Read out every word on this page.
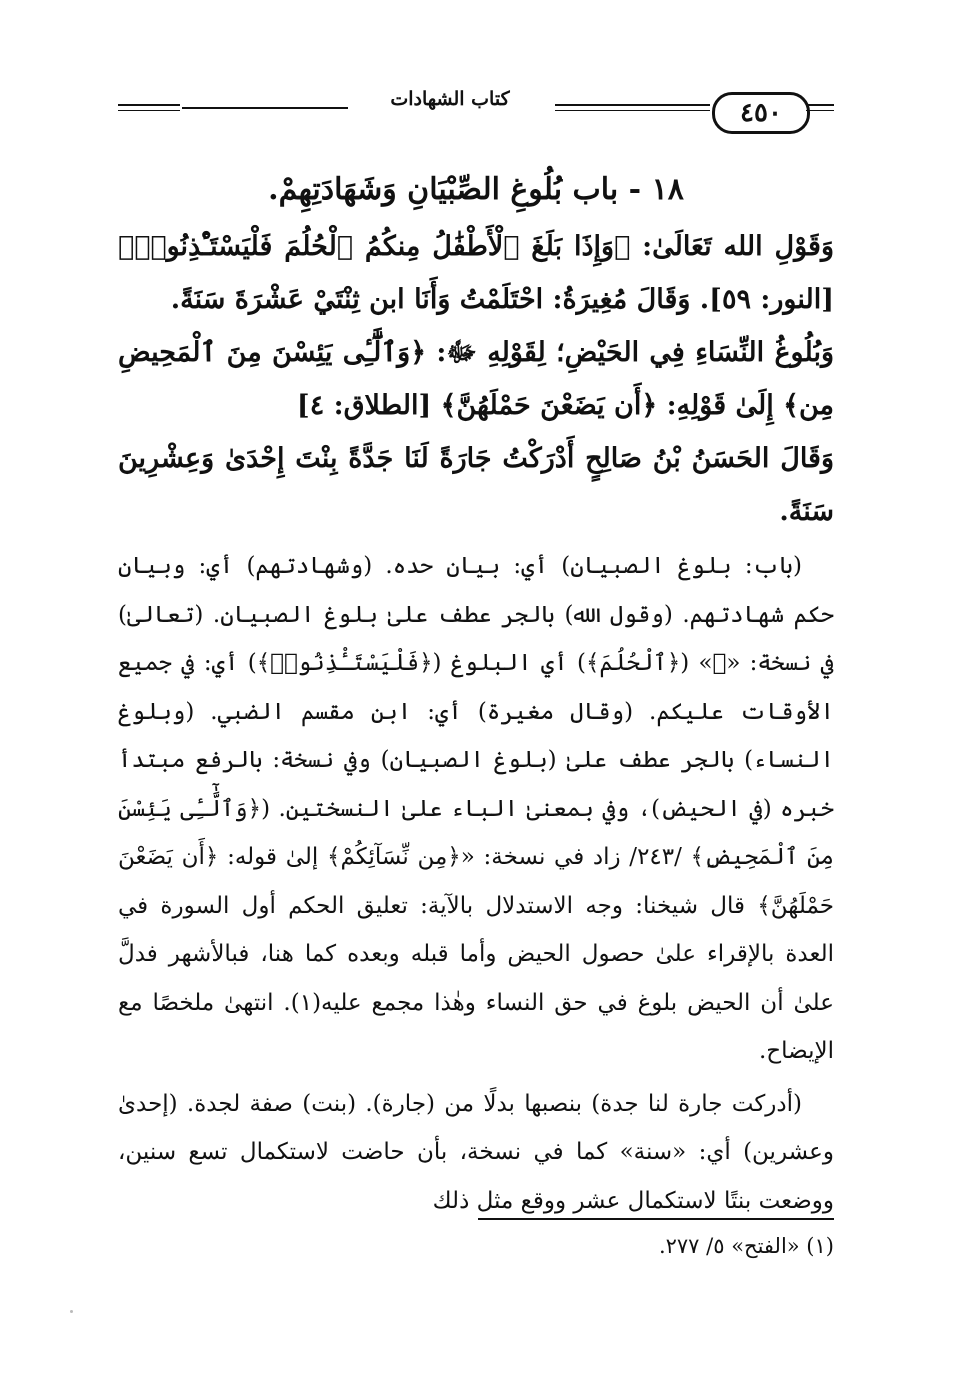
٤٥٠
كتاب الشهادات
١٨ - باب بُلُوغِ الصِّبْيَانِ وَشَهَادَتِهِمْ.

وَقَوْلِ الله تَعَالَىٰ: ﴿وَإِذَا بَلَغَ ٱلْأَطْفَٰلُ مِنكُمُ ٱلْحُلُمَ فَلْيَسْتَـْٔذِنُوا۟﴾ [النور: ٥٩]. وَقَالَ مُغِيرَةُ: احْتَلَمْتُ وَأَنَا ابن ثِنْتَيْ عَشْرَةَ سَنَةً.

وَبُلُوغُ النِّسَاءِ فِي الحَيْضِ؛ لِقَوْلِهِ ﷻ: ﴿وَٱلَّٰٓـِٔى يَئِسْنَ مِنَ ٱلْمَحِيضِ مِن﴾ إِلَىٰ قَوْلِهِ: ﴿أَن يَضَعْنَ حَمْلَهُنَّ﴾ [الطلاق: ٤]

وَقَالَ الحَسَنُ بْنُ صَالِحٍ أَدْرَكْتُ جَارَةً لَنَا جَدَّةً بِنْتَ إِحْدَىٰ وَعِشْرِينَ سَنَةً.

(باب: بلوغ الصبيان) أي: بيان حده. (وشهادتهم) أي: وبيان حكم شهادتهم. (وقول الله) بالجر عطف علىٰ بلوغ الصبيان. (تعالىٰ) في نسخة: «ﷻ» (﴿ٱلْحُلُمَ﴾) أي البلوغ (﴿فَلْيَسْتَـْٔذِنُوا۟﴾) أي: في جميع الأوقات عليكم. (وقال مغيرة) أي: ابن مقسم الضبي. (وبلوغ النساء) بالجر عطف علىٰ (بلوغ الصبيان) وفي نسخة: بالرفع مبتدأ خبره (في الحيض)، وفي بمعنىٰ الباء علىٰ النسختين. (﴿وَٱلَّٰٓـِٔى يَئِسْنَ مِنَ ٱلْمَحِيضِ﴾ /٢٤٣/ زاد في نسخة: «﴿مِن نِّسَآئِكُمْ﴾ إلىٰ قوله: ﴿أَن يَضَعْنَ حَمْلَهُنَّ﴾ قال شيخنا: وجه الاستدلال بالآية: تعليق الحكم أول السورة في العدة بالإقراء علىٰ حصول الحيض وأما قبله وبعده كما هنا، فبالأشهر فدلَّ علىٰ أن الحيض بلوغ في حق النساء وهٰذا مجمع عليه(١). انتهىٰ ملخصًا مع الإيضاح.

(أدركت جارة لنا جدة) بنصبها بدلًا من (جارة). (بنت) صفة لجدة. (إحدىٰ وعشرين) أي: «سنة» كما في نسخة، بأن حاضت لاستكمال تسع سنين، ووضعت بنتًا لاستكمال عشر ووقع مثل ذلك

(١) «الفتح» ٥/ ٢٧٧.
